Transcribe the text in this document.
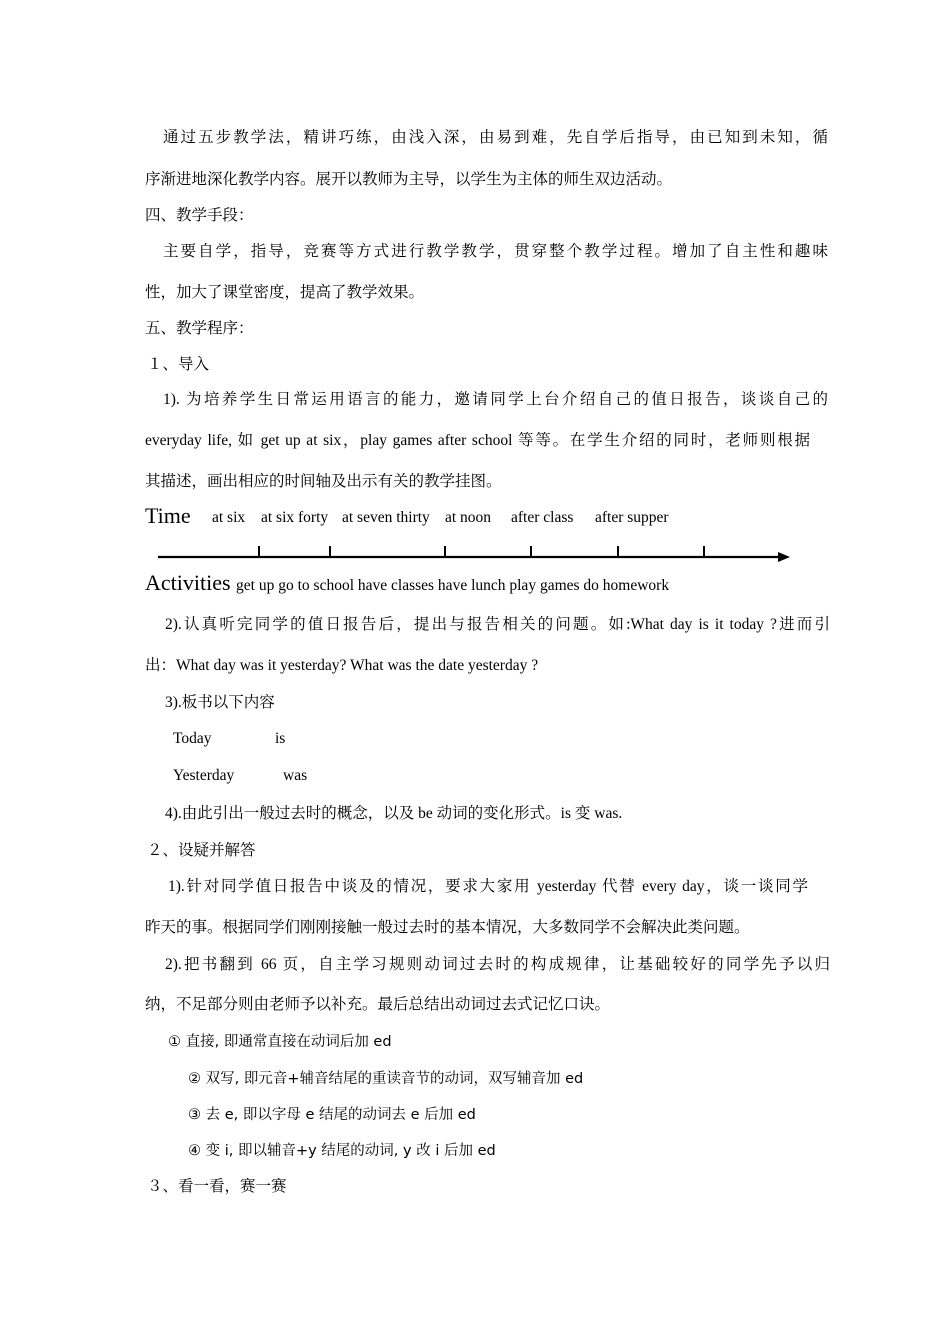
通过五步教学法，精讲巧练，由浅入深，由易到难，先自学后指导，由已知到未知，循
序渐进地深化教学内容。展开以教师为主导，以学生为主体的师生双边活动。
四、教学手段：
主要自学，指导，竞赛等方式进行教学教学，贯穿整个教学过程。增加了自主性和趣味
性，加大了课堂密度，提高了教学效果。
五、教学程序：
１、导入
1). 为培养学生日常运用语言的能力，邀请同学上台介绍自己的值日报告，谈谈自己的
everyday life, 如 get up at six，play games after school 等等。在学生介绍的同时，老师则根据
其描述，画出相应的时间轴及出示有关的教学挂图。
Time at six at six forty at seven thirty at noon after class after supper
Activities get up go to school have classes have lunch play games do homework
2).认真听完同学的值日报告后，提出与报告相关的问题。如:What day is it today ?进而引
出：What day was it yesterday? What was the date yesterday ?
3).板书以下内容
Today	is
Yesterday	was
4).由此引出一般过去时的概念，以及 be 动词的变化形式。is 变 was.
２、设疑并解答
1).针对同学值日报告中谈及的情况，要求大家用 yesterday 代替 every day，谈一谈同学
昨天的事。根据同学们刚刚接触一般过去时的基本情况，大多数同学不会解决此类问题。
2).把书翻到 66 页，自主学习规则动词过去时的构成规律，让基础较好的同学先予以归
纳，不足部分则由老师予以补充。最后总结出动词过去式记忆口诀。
① 直接, 即通常直接在动词后加 ed
② 双写, 即元音+辅音结尾的重读音节的动词，双写辅音加 ed
③ 去 e, 即以字母 e 结尾的动词去 e 后加 ed
④ 变 i, 即以辅音+y 结尾的动词, y 改 i 后加 ed
３、看一看，赛一赛
